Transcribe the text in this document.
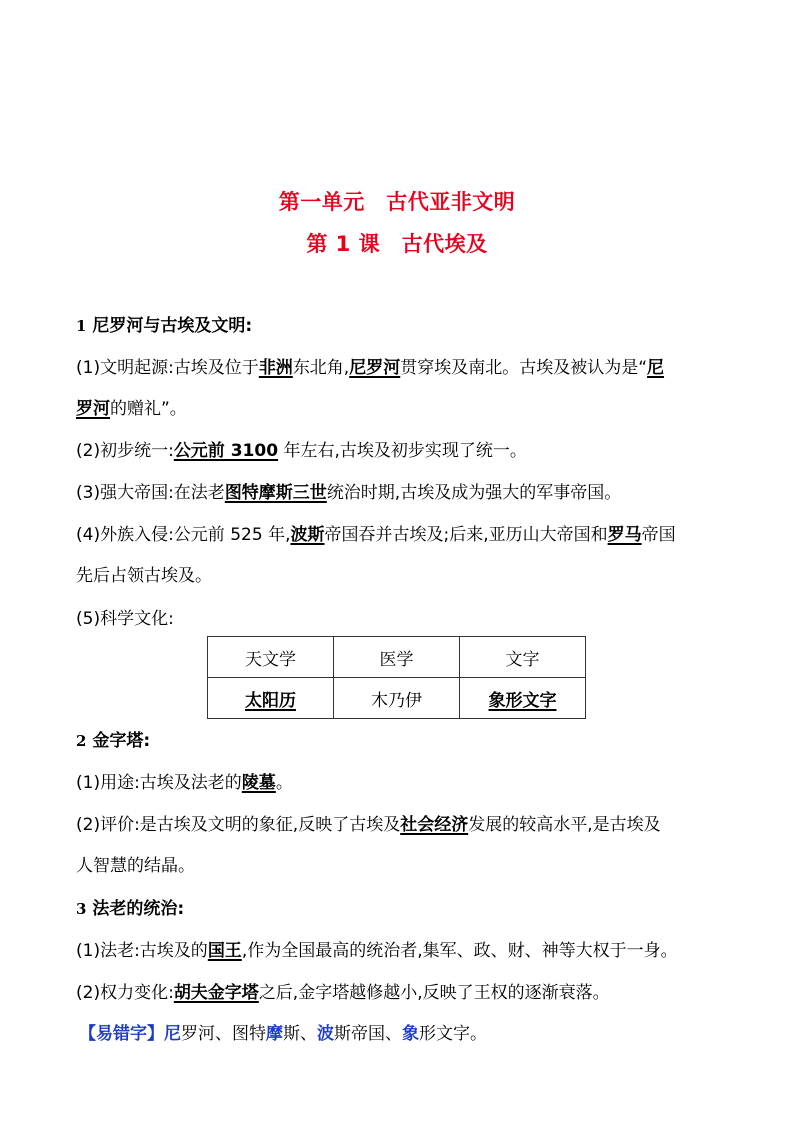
第一单元　古代亚非文明
第 1 课　古代埃及
1 尼罗河与古埃及文明:
(1)文明起源:古埃及位于非洲东北角,尼罗河贯穿埃及南北。古埃及被认为是“尼
罗河的赠礼”。
(2)初步统一:公元前 3100 年左右,古埃及初步实现了统一。
(3)强大帝国:在法老图特摩斯三世统治时期,古埃及成为强大的军事帝国。
(4)外族入侵:公元前 525 年,波斯帝国吞并古埃及;后来,亚历山大帝国和罗马帝国
先后占领古埃及。
(5)科学文化:
天文学	医学	文字
太阳历	木乃伊	象形文字
2 金字塔:
(1)用途:古埃及法老的陵墓。
(2)评价:是古埃及文明的象征,反映了古埃及社会经济发展的较高水平,是古埃及
人智慧的结晶。
3 法老的统治:
(1)法老:古埃及的国王,作为全国最高的统治者,集军、政、财、神等大权于一身。
(2)权力变化:胡夫金字塔之后,金字塔越修越小,反映了王权的逐渐衰落。
【易错字】尼罗河、图特摩斯、波斯帝国、象形文字。
